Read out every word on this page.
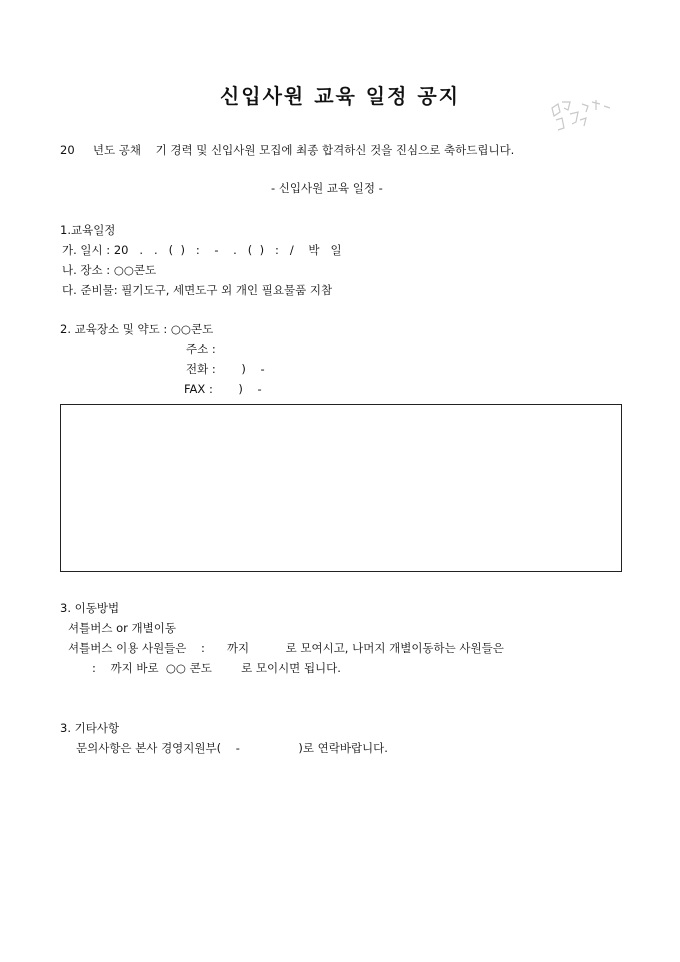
신입사원 교육 일정 공지
20     년도 공채    기 경력 및 신입사원 모집에 최종 합격하신 것을 진심으로 축하드립니다.
- 신입사원 교육 일정 -
1.교육일정
가. 일시 : 20   .   .   (  )   :    -    .   (  )   :   /    박   일
나. 장소 : ○○콘도
다. 준비물: 필기도구, 세면도구 외 개인 필요물품 지참
2. 교육장소 및 약도 : ○○콘도
주소 :
전화 :       )    -
FAX :       )    -
3. 이동방법
셔틀버스 or 개별이동
셔틀버스 이용 사원들은    :      까지          로 모여시고, 나머지 개별이동하는 사원들은
:    까지 바로  ○○ 콘도        로 모이시면 됩니다.
3. 기타사항
문의사항은 본사 경영지원부(    -                )로 연락바랍니다.
